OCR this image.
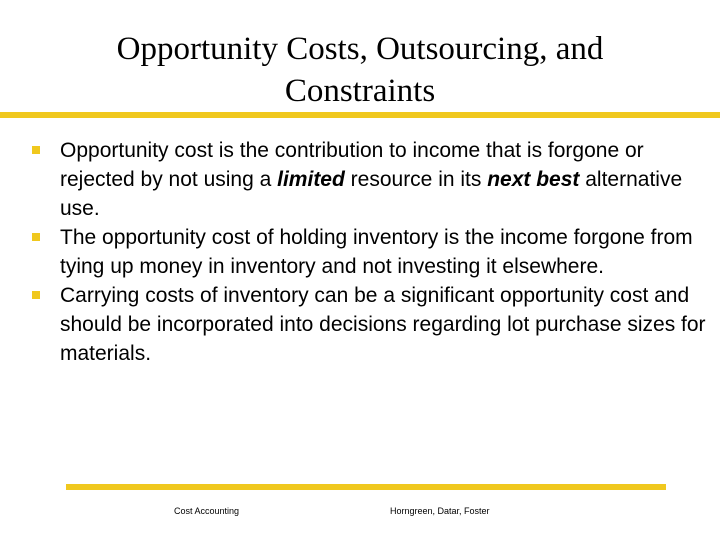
Opportunity Costs, Outsourcing, and
Constraints
Opportunity cost is the contribution to income that is forgone or rejected by not using a limited resource in its next best alternative use.
The opportunity cost of holding inventory is the income forgone from tying up money in inventory and not investing it elsewhere.
Carrying costs of inventory can be a significant opportunity cost and should be incorporated into decisions regarding lot purchase sizes for materials.
Cost Accounting	Horngreen, Datar, Foster
